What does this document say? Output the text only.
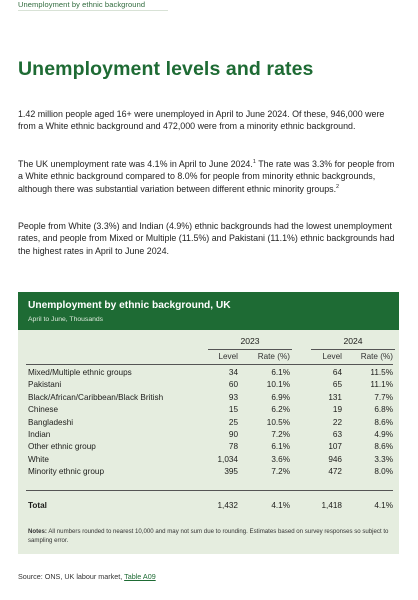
Unemployment by ethnic background
Unemployment levels and rates

1.42 million people aged 16+ were unemployed in April to June 2024. Of these, 946,000 were from a White ethnic background and 472,000 were from a minority ethnic background.

The UK unemployment rate was 4.1% in April to June 2024.$^1$ The rate was 3.3% for people from a White ethnic background compared to 8.0% for people from minority ethnic backgrounds, although there was substantial variation between different ethnic minority groups.$^2$

People from White (3.3%) and Indian (4.9%) ethnic backgrounds had the lowest unemployment rates, and people from Mixed or Multiple (11.5%) and Pakistani (11.1%) ethnic backgrounds had the highest rates in April to June 2024.

Unemployment by ethnic background, UK
April to June, Thousands
2023	2024
Level	Rate (%)	Level	Rate (%)
Mixed/Multiple ethnic groups	34	6.1%	64	11.5%
Pakistani	60	10.1%	65	11.1%
Black/African/Caribbean/Black British	93	6.9%	131	7.7%
Chinese	15	6.2%	19	6.8%
Bangladeshi	25	10.5%	22	8.6%
Indian	90	7.2%	63	4.9%
Other ethnic group	78	6.1%	107	8.6%
White	1,034	3.6%	946	3.3%
Minority ethnic group	395	7.2%	472	8.0%
Total	1,432	4.1%	1,418	4.1%
Notes: All numbers rounded to nearest 10,000 and may not sum due to rounding. Estimates based on survey responses so subject to sampling error.
Source: ONS, UK labour market, Table A09
